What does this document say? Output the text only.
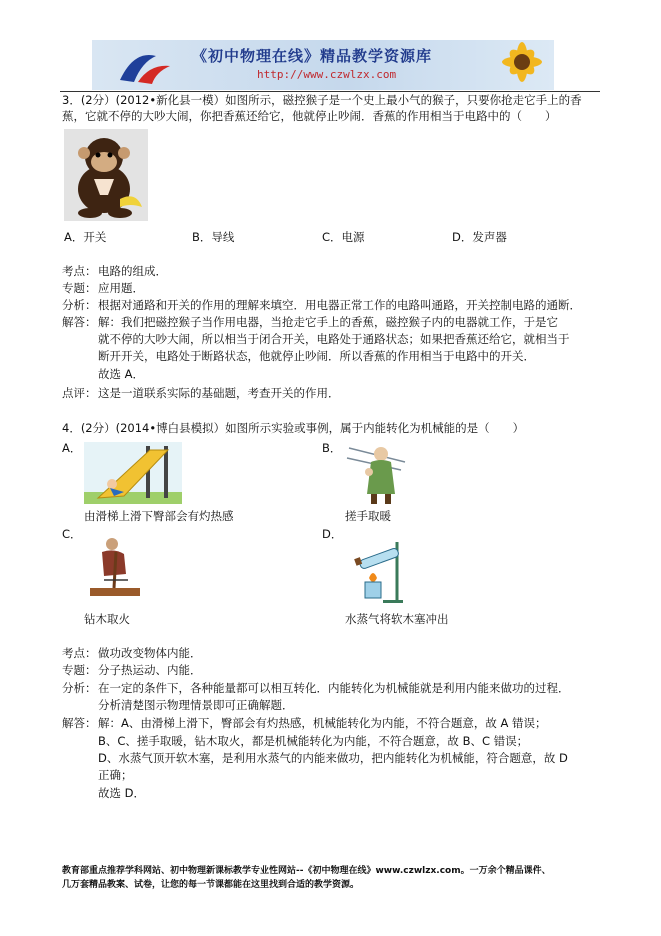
《初中物理在线》精品教学资源库
http://www.czwlzx.com
3．(2分）(2012•新化县一模）如图所示，磁控猴子是一个史上最小气的猴子，只要你抢走它手上的香
蕉，它就不停的大吵大闹，你把香蕉还给它，他就停止吵闹．香蕉的作用相当于电路中的（　　）
A．开关	B．导线	C．电源	D．发声器
考点： 电路的组成．
专题： 应用题．
分析： 根据对通路和开关的作用的理解来填空．用电器正常工作的电路叫通路，开关控制电路的通断．
解答： 解：我们把磁控猴子当作用电器，当抢走它手上的香蕉，磁控猴子内的电器就工作，于是它
就不停的大吵大闹，所以相当于闭合开关，电路处于通路状态；如果把香蕉还给它，就相当于
断开开关，电路处于断路状态，他就停止吵闹．所以香蕉的作用相当于电路中的开关．
故选 A．
点评： 这是一道联系实际的基础题，考查开关的作用．
4．(2分）(2014•博白县模拟）如图所示实验或事例，属于内能转化为机械能的是（　　）
A．	B．
由滑梯上滑下臀部会有灼热感	搓手取暖
C．	D．
钻木取火	水蒸气将软木塞冲出
考点： 做功改变物体内能．
专题： 分子热运动、内能．
分析： 在一定的条件下，各种能量都可以相互转化．内能转化为机械能就是利用内能来做功的过程．
分析清楚图示物理情景即可正确解题．
解答： 解：A、由滑梯上滑下，臀部会有灼热感，机械能转化为内能，不符合题意，故 A 错误；
B、C、搓手取暖，钻木取火，都是机械能转化为内能，不符合题意，故 B、C 错误；
D、水蒸气顶开软木塞，是利用水蒸气的内能来做功，把内能转化为机械能，符合题意，故 D
正确；
故选 D．
教育部重点推荐学科网站、初中物理新课标教学专业性网站--《初中物理在线》www.czwlzx.com。一万余个精品课件、
几万套精品教案、试卷，让您的每一节课都能在这里找到合适的教学资源。
